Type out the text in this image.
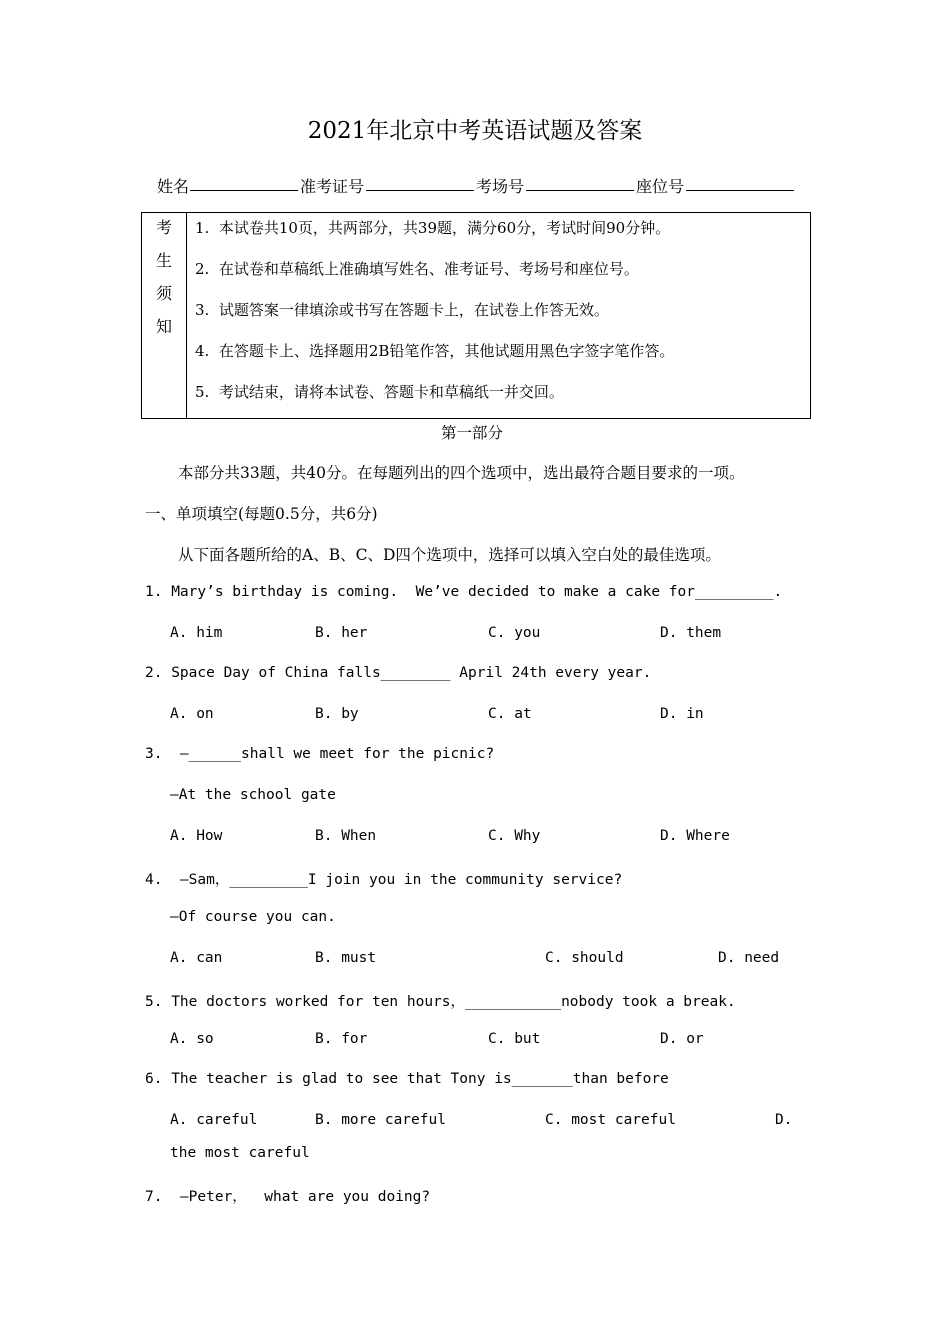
2021年北京中考英语试题及答案
姓名	准考证号	考场号	座位号
考
生
须
知
1.  本试卷共10页，共两部分，共39题，满分60分，考试时间90分钟。
2.  在试卷和草稿纸上准确填写姓名、准考证号、考场号和座位号。
3.  试题答案一律填涂或书写在答题卡上，在试卷上作答无效。
4.  在答题卡上、选择题用2B铅笔作答，其他试题用黑色字签字笔作答。
5.  考试结束，请将本试卷、答题卡和草稿纸一并交回。
第一部分
本部分共33题，共40分。在每题列出的四个选项中，选出最符合题目要求的一项。
一、单项填空(每题0.5分，共6分)
从下面各题所给的A、B、C、D四个选项中，选择可以填入空白处的最佳选项。
1. Mary’s birthday is coming.  We’ve decided to make a cake for_________.
A. him	B. her	C. you	D. them
2. Space Day of China falls________ April 24th every year.
A. on	B. by	C. at	D. in
3.  —______shall we meet for the picnic?
—At the school gate
A. How	B. When	C. Why	D. Where
4.  —Sam，_________I join you in the community service?
—Of course you can.
A. can	B. must	C. should	D. need
5. The doctors worked for ten hours，___________nobody took a break.
A. so	B. for	C. but	D. or
6. The teacher is glad to see that Tony is_______than before
A. careful	B. more careful	C. most careful	D.
the most careful
7.  —Peter，  what are you doing?
